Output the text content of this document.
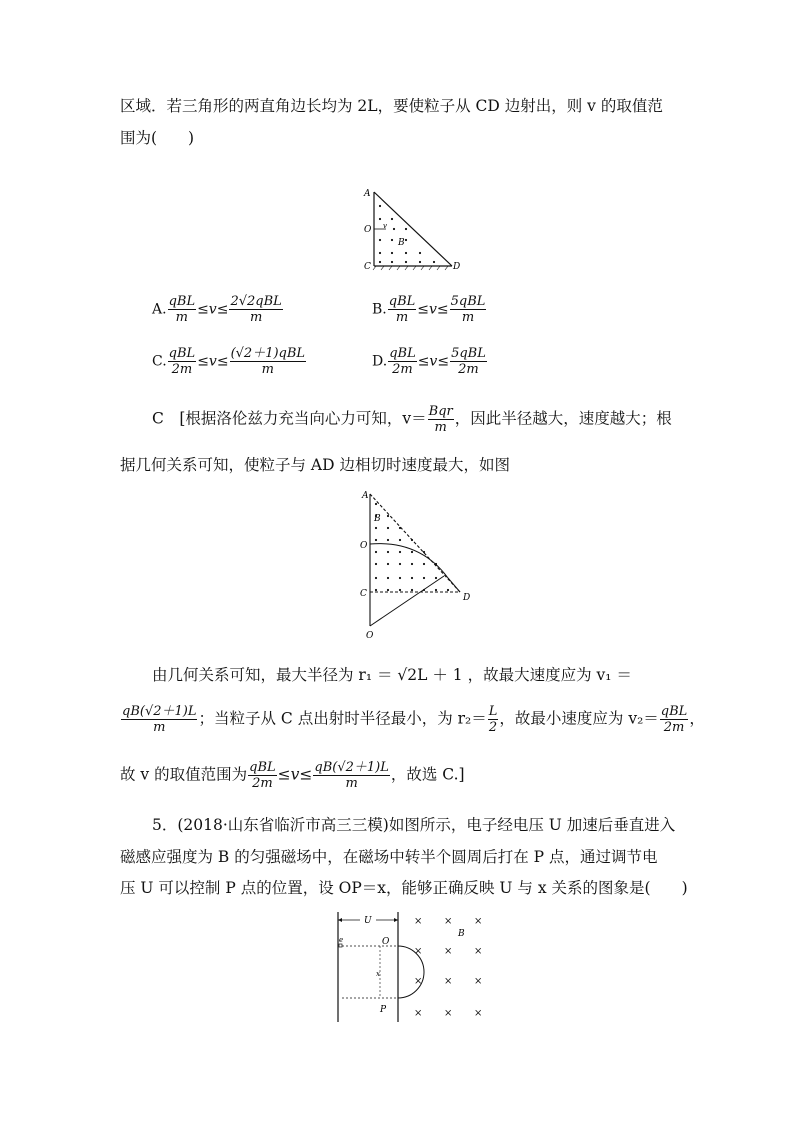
区域．若三角形的两直角边长均为 2L，要使粒子从 CD 边射出，则 v 的取值范
围为(　　)
A
O v
B
C	D
A. $\frac{\text{qBL}}{m} \le v\le \frac{\text{2√2qBL}}{m}$	B. $\frac{\text{qBL}}{m} \le v\le \frac{\text{5qBL}}{m}$
C. $\frac{\text{qBL}}{2m} \le v\le \frac{\text{(√2＋1)qBL}}{m}$	D. $\frac{\text{qBL}}{2m} \le v\le \frac{\text{5qBL}}{2m}$
C　[根据洛伦兹力充当向心力可知，$v= \frac{\text{Bqr}}{m}$ ，因此半径越大，速度越大；根
据几何关系可知，使粒子与 AD 边相切时速度最大，如图
A
B
O
C	D
O
由几何关系可知，最大半径为 r₁ ＝ √2L ＋ 1 ，故最大速度应为 v₁ ＝
$\frac{qB(√2+1)L}{m}$ ；当粒子从 C 点出射时半径最小，为 $r_2= \frac{L}{2}$ ，故最小速度应为 $v_2= \frac{\text{qBL}}{2m}$ ，
故 v 的取值范围为 $\frac{\text{qBL}}{2m} \le v\le \frac{qB(√2+1)L}{m}$ ，故选 C.]
5．(2018·山东省临沂市高三三模)如图所示，电子经电压 U 加速后垂直进入
磁感应强度为 B 的匀强磁场中，在磁场中转半个圆周后打在 P 点，通过调节电
压 U 可以控制 P 点的位置，设 OP＝x，能够正确反映 U 与 x 关系的图象是(　　)
U
e
x
O
P
B
× × ×
× × ×
× × ×
× × ×
